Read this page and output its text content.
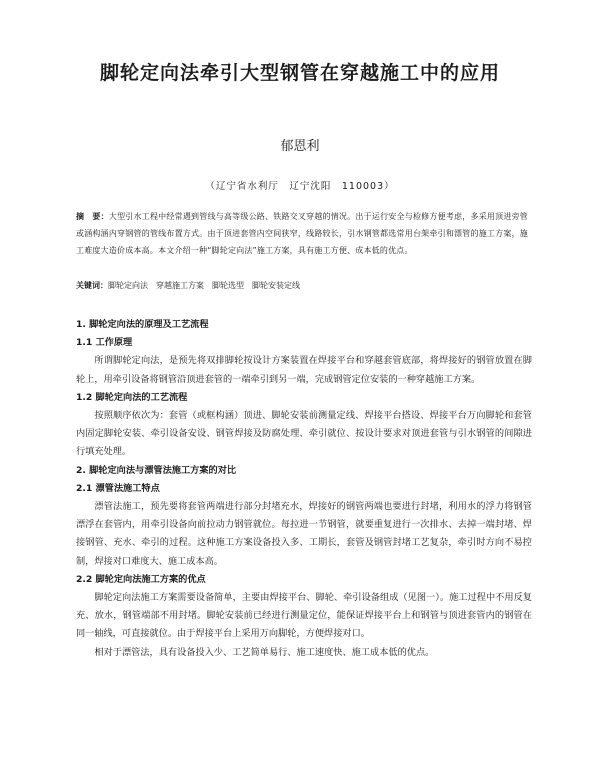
脚轮定向法牵引大型钢管在穿越施工中的应用
郁恩利
（辽宁省水利厅　辽宁沈阳　110003）

摘　要：大型引水工程中经常遇到管线与高等级公路、铁路交叉穿越的情况。出于运行安全与检修方便考虑，多采用顶进旁管或涵构涵内穿钢管的管线布置方式。由于顶进套管内空间狭窄，线路较长，引水钢管都选常用台架牵引和漂管的施工方案，施工难度大造价成本高。本文介绍一种“脚轮定向法”施工方案，具有施工方便、成本低的优点。

关键词：脚轮定向法　穿越施工方案　脚轮选型　脚轮安装定线

1. 脚轮定向法的原理及工艺流程

1.1 工作原理

所谓脚轮定向法，是预先将双排脚轮按设计方案装置在焊接平台和穿越套管底部，将焊接好的钢管放置在脚轮上，用牵引设备将钢管沿顶进套管的一端牵引到另一端，完成钢管定位安装的一种穿越施工方案。

1.2 脚轮定向法的工艺流程

按照顺序依次为：套管（或框构涵）顶进、脚轮安装前测量定线、焊接平台搭设、焊接平台万向脚轮和套管内固定脚轮安装、牵引设备安设、钢管焊接及防腐处理、牵引就位、按设计要求对顶进套管与引水钢管的间隙进行填充处理。

2. 脚轮定向法与漂管法施工方案的对比

2.1 漂管法施工特点

漂管法施工，预先要将套管两端进行部分封堵充水，焊接好的钢管两端也要进行封堵，利用水的浮力将钢管漂浮在套管内，用牵引设备向前拉动力钢管就位。每拉进一节钢管，就要重复进行一次排水、去掉一端封堵、焊接钢管、充水、牵引的过程。这种施工方案设备投入多、工期长，套管及钢管封堵工艺复杂，牵引时方向不易控制，焊接对口难度大、施工成本高。

2.2 脚轮定向法施工方案的优点

脚轮定向法施工方案需要设备简单，主要由焊接平台、脚轮、牵引设备组成（见图一）。施工过程中不用反复充、放水，钢管端部不用封堵。脚轮安装前已经进行测量定位，能保证焊接平台上和钢管与顶进套管内的钢管在同一轴线，可直接就位。由于焊接平台上采用万向脚轮，方便焊接对口。

相对于漂管法，具有设备投入少、工艺简单易行、施工速度快、施工成本低的优点。
